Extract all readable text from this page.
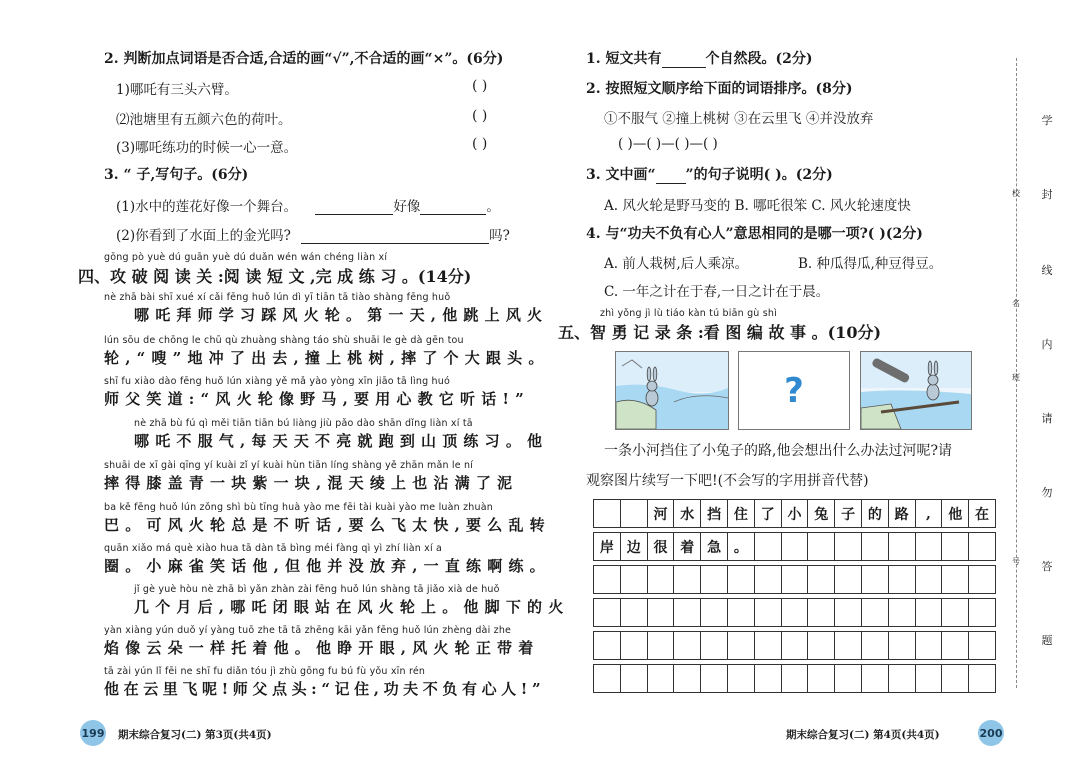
2. 判断加点词语是否合适,合适的画“√”,不合适的画“×”。(6分)
1)哪吒有三头六臂。	( )
⑵池塘里有五颜六色的荷叶。	( )
(3)哪吒练功的时候一心一意。	( )
3. “ 子,写句子。(6分)
(1)水中的莲花好像一个舞台。	好像	。
(2)你看到了水面上的金光吗?	吗?
gōng pò yuè dú guān yuè dú duǎn wén wán chéng liàn xí
四、攻 破 阅 读 关 :阅 读 短 文 ,完 成 练 习 。(14分)
nè zhā bài shī xué xí cǎi fēng huǒ lún dì yī tiān tā tiào shàng fēng huǒ
哪吒拜师学习踩风火轮。第一天,他跳上风火
lún sōu de chōng le chū qù zhuàng shàng táo shù shuāi le gè dà gēn tou
轮,“嗖”地冲了出去,撞上桃树,摔了个大跟头。
shī fu xiào dào fēng huǒ lún xiàng yě mǎ yào yòng xīn jiāo tā lìng huó
师父笑道:“风火轮像野马,要用心教它听话!”
nè zhā bù fú qì měi tiān tiān bú liàng jiù pǎo dào shān dǐng liàn xí tā
哪吒不服气,每天天不亮就跑到山顶练习。他
shuāi de xī gài qīng yí kuài zǐ yí kuài hùn tiān líng shàng yě zhān mǎn le ní
摔得膝盖青一块紫一块,混天绫上也沾满了泥
ba kě fēng huǒ lún zǒng shì bù tīng huà yào me fēi tài kuài yào me luàn zhuàn
巴。可风火轮总是不听话,要么飞太快,要么乱转
quān xiǎo má què xiào hua tā dàn tā bìng méi fàng qì yì zhí liàn xí a
圈。小麻雀笑话他,但他并没放弃,一直练啊练。
jǐ gè yuè hòu nè zhā bì yǎn zhàn zài fēng huǒ lún shàng tā jiǎo xià de huǒ
几个月后,哪吒闭眼站在风火轮上。他脚下的火
yàn xiàng yún duǒ yí yàng tuō zhe tā tā zhēng kāi yǎn fēng huǒ lún zhèng dài zhe
焰像云朵一样托着他。他睁开眼,风火轮正带着
tā zài yún lǐ fēi ne shī fu diǎn tóu jì zhù gōng fu bú fù yǒu xīn rén
他在云里飞呢!师父点头:“记住,功夫不负有心人!”
199 期末综合复习(二) 第3页(共4页)
1. 短文共有	个自然段。(2分)
2. 按照短文顺序给下面的词语排序。(8分)
①不服气 ②撞上桃树 ③在云里飞 ④并没放弃
( )—( )—( )—( )
3. 文中画“ ”的句子说明( )。(2分)
A. 风火轮是野马变的 B. 哪吒很笨 C. 风火轮速度快
4. 与“功夫不负有心人”意思相同的是哪一项?( )(2分)
A. 前人栽树,后人乘凉。	B. 种瓜得瓜,种豆得豆。
C. 一年之计在于春,一日之计在于晨。
zhì yǒng jì lù tiáo kàn tú biān gù shì
五、智 勇 记 录 条 :看 图 编 故 事 。(10分)
?
一条小河挡住了小兔子的路,他会想出什么办法过河呢?请
观察图片续写一下吧!(不会写的字用拼音代替)
		河	水	挡	住	了	小	兔	子	的	路	,	他	在

岸	边	很	着	急	。									

期末综合复习(二) 第4页(共4页)	200
学
封
线
内
请
勿
答
题
校
名
班
号
